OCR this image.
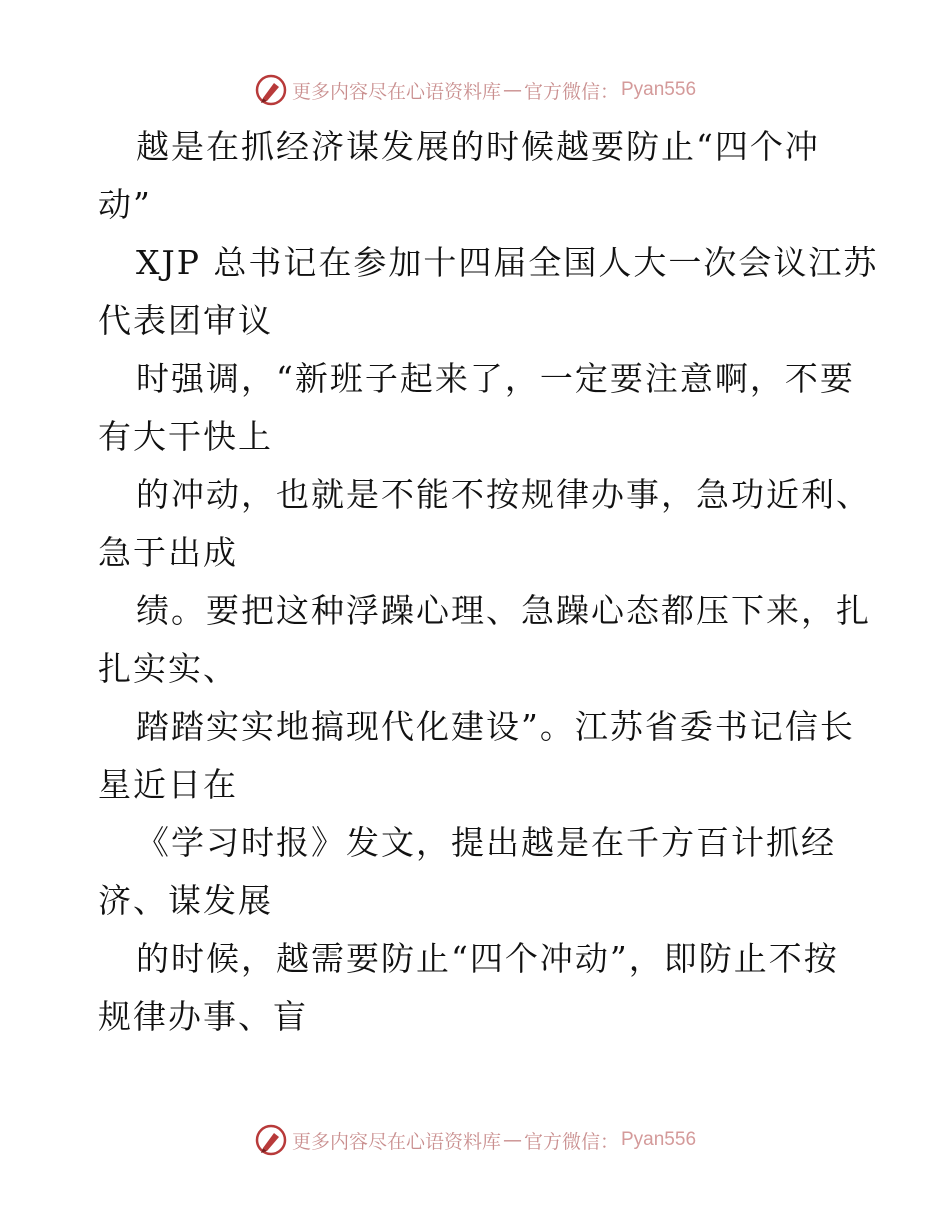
更多内容尽在心语资料库 — 官方微信： Pyan556
越是在抓经济谋发展的时候越要防止“四个冲
动”
XJP 总书记在参加十四届全国人大一次会议江苏
代表团审议
时强调，“新班子起来了，一定要注意啊，不要
有大干快上
的冲动，也就是不能不按规律办事，急功近利、
急于出成
绩。要把这种浮躁心理、急躁心态都压下来，扎
扎实实、
踏踏实实地搞现代化建设”。江苏省委书记信长
星近日在
《学习时报》发文，提出越是在千方百计抓经
济、谋发展
的时候，越需要防止“四个冲动”，即防止不按
规律办事、盲
更多内容尽在心语资料库 — 官方微信： Pyan556
